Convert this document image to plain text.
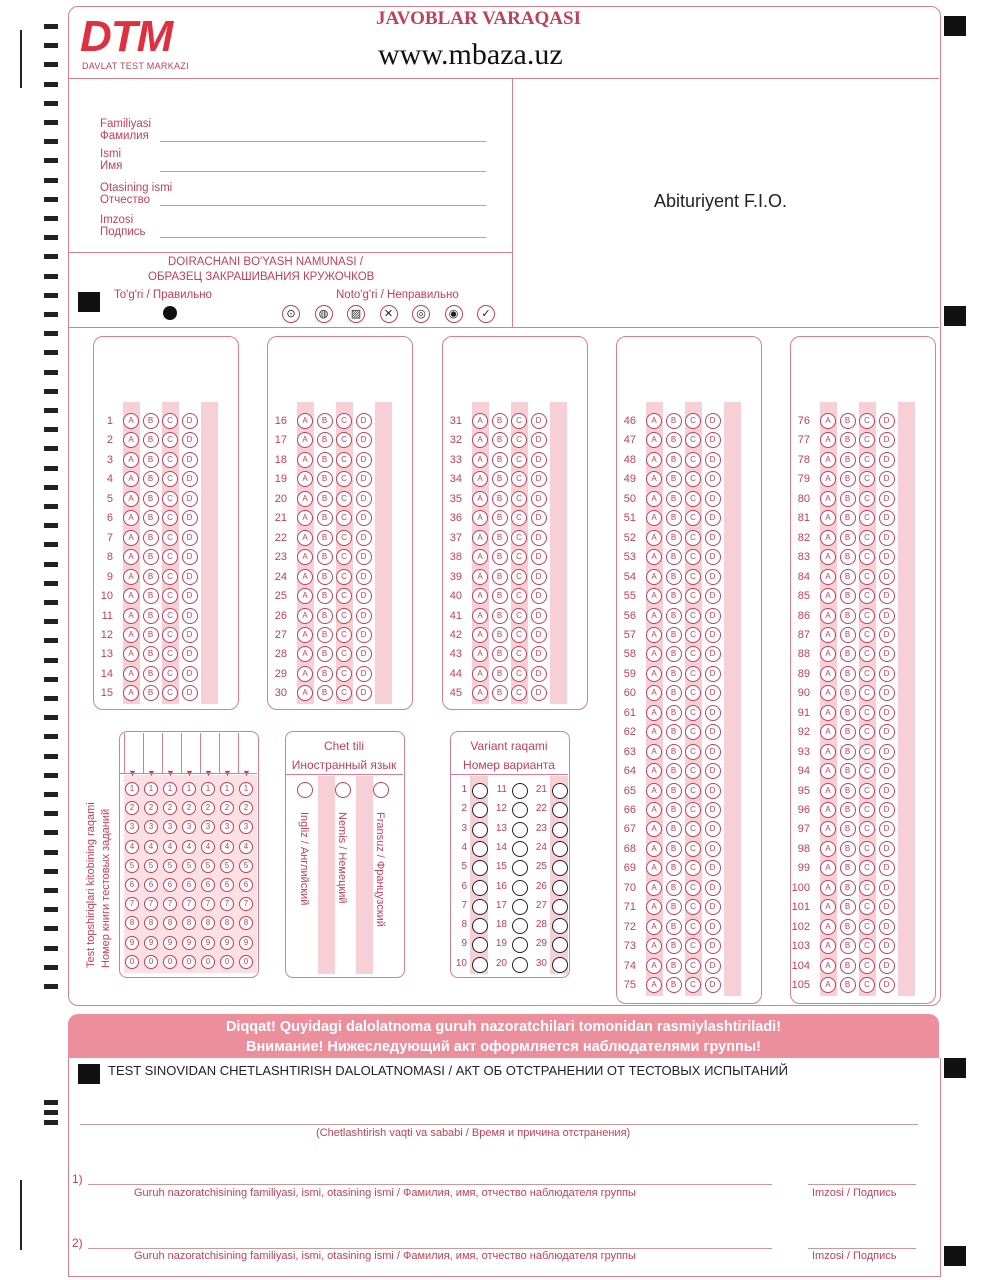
DTM
DAVLAT TEST MARKAZI
JAVOBLAR VARAQASI
www.mbaza.uz
Familiyasi
Фамилия
Ismi
Имя
Otasining ismi
Отчество
Imzosi
Подпись
Abituriyent F.I.O.
DOIRACHANI BO'YASH NAMUNASI /
ОБРАЗЕЦ ЗАКРАШИВАНИЯ КРУЖОЧКОВ
To'g'ri / Правильно	Noto'g'ri / Неправильно
⊙	◍	▨	✕	◎	◉	✓
1	A	B	C	D
2	A	B	C	D
3	A	B	C	D
4	A	B	C	D
5	A	B	C	D
6	A	B	C	D
7	A	B	C	D
8	A	B	C	D
9	A	B	C	D
10	A	B	C	D
11	A	B	C	D
12	A	B	C	D
13	A	B	C	D
14	A	B	C	D
15	A	B	C	D
16	A	B	C	D
17	A	B	C	D
18	A	B	C	D
19	A	B	C	D
20	A	B	C	D
21	A	B	C	D
22	A	B	C	D
23	A	B	C	D
24	A	B	C	D
25	A	B	C	D
26	A	B	C	D
27	A	B	C	D
28	A	B	C	D
29	A	B	C	D
30	A	B	C	D
31	A	B	C	D
32	A	B	C	D
33	A	B	C	D
34	A	B	C	D
35	A	B	C	D
36	A	B	C	D
37	A	B	C	D
38	A	B	C	D
39	A	B	C	D
40	A	B	C	D
41	A	B	C	D
42	A	B	C	D
43	A	B	C	D
44	A	B	C	D
45	A	B	C	D
46	A	B	C	D
47	A	B	C	D
48	A	B	C	D
49	A	B	C	D
50	A	B	C	D
51	A	B	C	D
52	A	B	C	D
53	A	B	C	D
54	A	B	C	D
55	A	B	C	D
56	A	B	C	D
57	A	B	C	D
58	A	B	C	D
59	A	B	C	D
60	A	B	C	D
61	A	B	C	D
62	A	B	C	D
63	A	B	C	D
64	A	B	C	D
65	A	B	C	D
66	A	B	C	D
67	A	B	C	D
68	A	B	C	D
69	A	B	C	D
70	A	B	C	D
71	A	B	C	D
72	A	B	C	D
73	A	B	C	D
74	A	B	C	D
75	A	B	C	D
76	A	B	C	D
77	A	B	C	D
78	A	B	C	D
79	A	B	C	D
80	A	B	C	D
81	A	B	C	D
82	A	B	C	D
83	A	B	C	D
84	A	B	C	D
85	A	B	C	D
86	A	B	C	D
87	A	B	C	D
88	A	B	C	D
89	A	B	C	D
90	A	B	C	D
91	A	B	C	D
92	A	B	C	D
93	A	B	C	D
94	A	B	C	D
95	A	B	C	D
96	A	B	C	D
97	A	B	C	D
98	A	B	C	D
99	A	B	C	D
100	A	B	C	D
101	A	B	C	D
102	A	B	C	D
103	A	B	C	D
104	A	B	C	D
105	A	B	C	D
▼
1
2
3
4
5
6
7
8
9
0
▼
1
2
3
4
5
6
7
8
9
0
▼
1
2
3
4
5
6
7
8
9
0
▼
1
2
3
4
5
6
7
8
9
0
▼
1
2
3
4
5
6
7
8
9
0
▼
1
2
3
4
5
6
7
8
9
0
▼
1
2
3
4
5
6
7
8
9
0
Test topshiriqlari kitobining raqami Номер книги тестовых заданий
Chet tili
Иностранный язык
Ingliz / Английский Nemis / Немецкий Fransuz / Французский
Variant raqami
Номер варианта
1
2
3
4
5
6
7
8
9
10
11
12
13
14
15
16
17
18
19
20
21
22
23
24
25
26
27
28
29
30
Diqqat! Quyidagi dalolatnoma guruh nazoratchilari tomonidan rasmiylashtiriladi!
Внимание! Нижеследующий акт оформляется наблюдателями группы!
TEST SINOVIDAN CHETLASHTIRISH DALOLATNOMASI / АКТ ОБ ОТСТРАНЕНИИ ОТ ТЕСТОВЫХ ИСПЫТАНИЙ
(Chetlashtirish vaqti va sababi / Время и причина отстранения)
1)
Guruh nazoratchisining familiyasi, ismi, otasining ismi / Фамилия, имя, отчество наблюдателя группы	Imzosi / Подпись
2)
Guruh nazoratchisining familiyasi, ismi, otasining ismi / Фамилия, имя, отчество наблюдателя группы	Imzosi / Подпись
